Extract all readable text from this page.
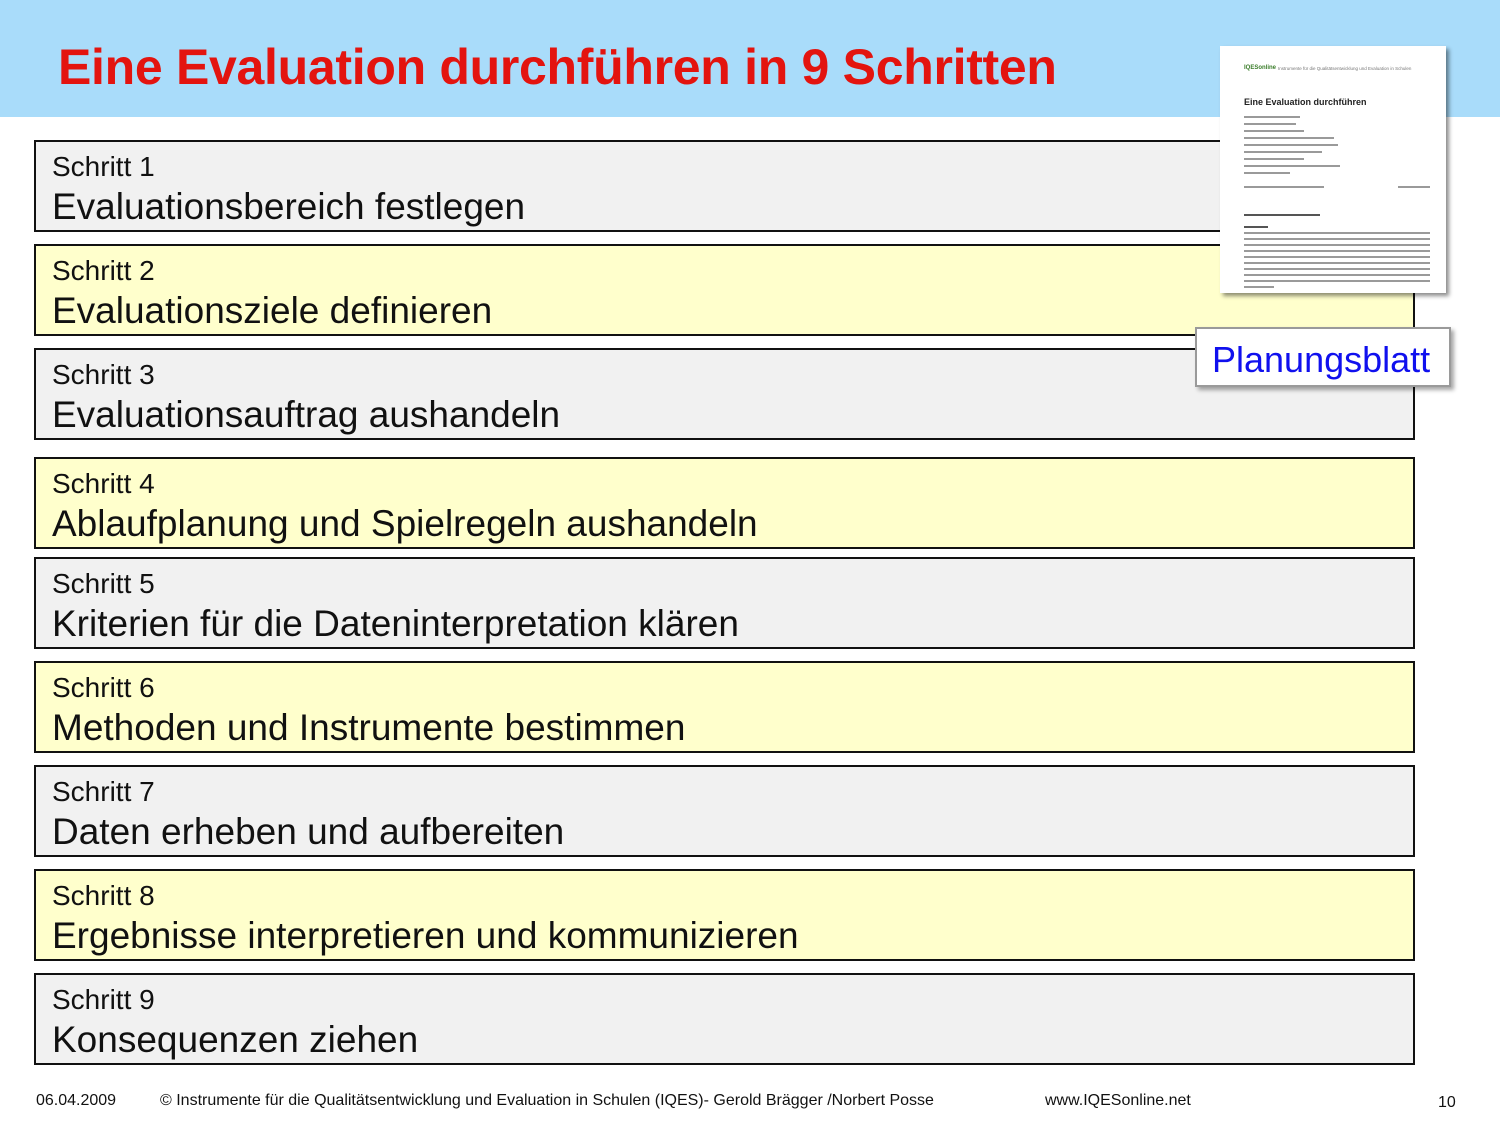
Eine Evaluation durchführen in 9 Schritten
Schritt 1
Evaluationsbereich festlegen
Schritt 2
Evaluationsziele definieren
Schritt 3
Evaluationsauftrag aushandeln
Schritt 4
Ablaufplanung und Spielregeln aushandeln
Schritt 5
Kriterien für die Dateninterpretation klären
Schritt 6
Methoden und Instrumente bestimmen
Schritt 7
Daten erheben und aufbereiten
Schritt 8
Ergebnisse interpretieren und kommunizieren
Schritt 9
Konsequenzen ziehen
IQESonline Instrumente für die Qualitätsentwicklung und Evaluation in Schulen
Eine Evaluation durchführen
Planungsblatt
06.04.2009	© Instrumente für die Qualitätsentwicklung und Evaluation in Schulen (IQES)- Gerold Brägger /Norbert Posse	www.IQESonline.net	10
